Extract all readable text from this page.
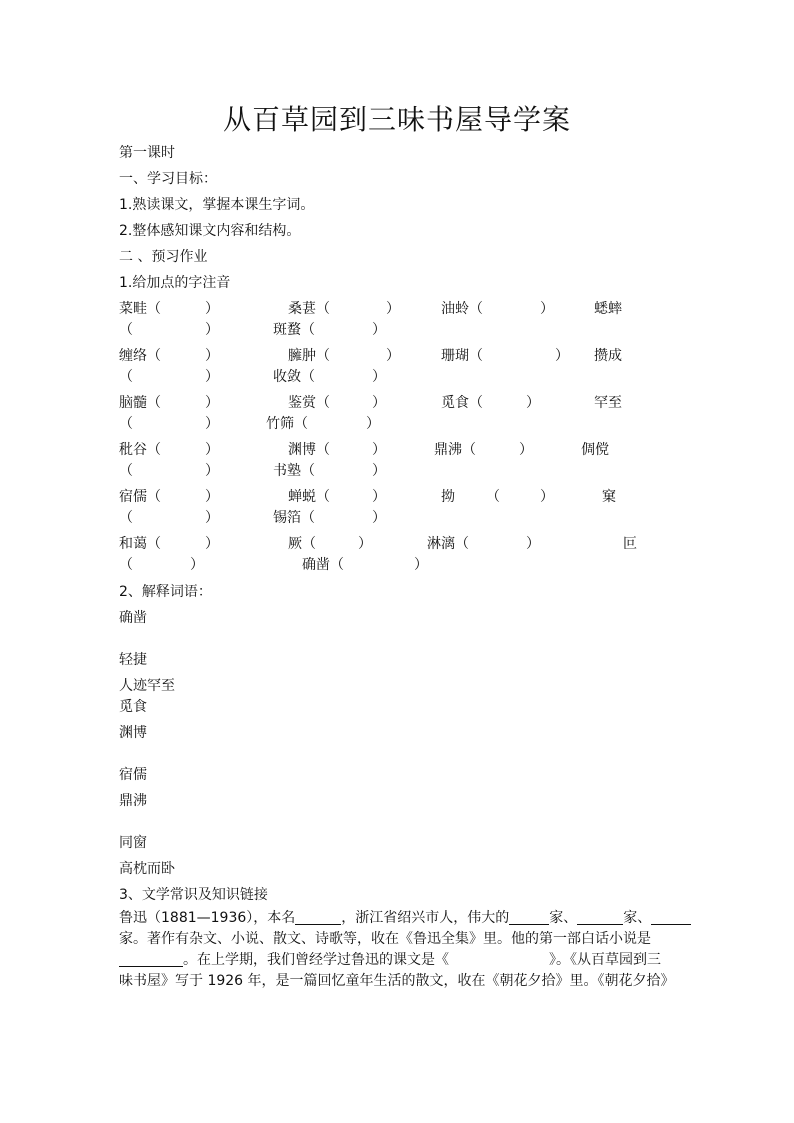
从百草园到三味书屋导学案
第一课时
一、学习目标：
1.熟读课文，掌握本课生字词。
2.整体感知课文内容和结构。
二 、预习作业
1.给加点的字注音
菜畦（	）	桑葚（	）	油蛉（	）	蟋蟀
（	）	斑蝥（	）
缠络（	）	臃肿（	）	珊瑚（	） 攒成
（	）	收敛（	）
脑髓（	）	鉴赏（	）	觅食（	）	罕至
（	）	竹筛（	）
秕谷（	）	渊博（	）	鼎沸（	）	倜傥
（	）	书塾（	）
宿儒（	）	蝉蜕（	）	拗 （	）	窠
（	）	锡箔（	）
和蔼（	）	厥（	）	淋漓（	）	叵
（	）	确凿（	）
2、解释词语：
确凿
轻捷
人迹罕至
觅食
渊博
宿儒
鼎沸
同窗
高枕而卧
3、文学常识及知识链接
鲁迅（1881—1936），本名	，浙江省绍兴市人，伟大的	家、	家、
家。著作有杂文、小说、散文、诗歌等，收在《鲁迅全集》里。他的第一部白话小说是
。在上学期，我们曾经学过鲁迅的课文是《	》。《从百草园到三
味书屋》写于 1926 年，是一篇回忆童年生活的散文，收在《朝花夕拾》里。《朝花夕拾》
